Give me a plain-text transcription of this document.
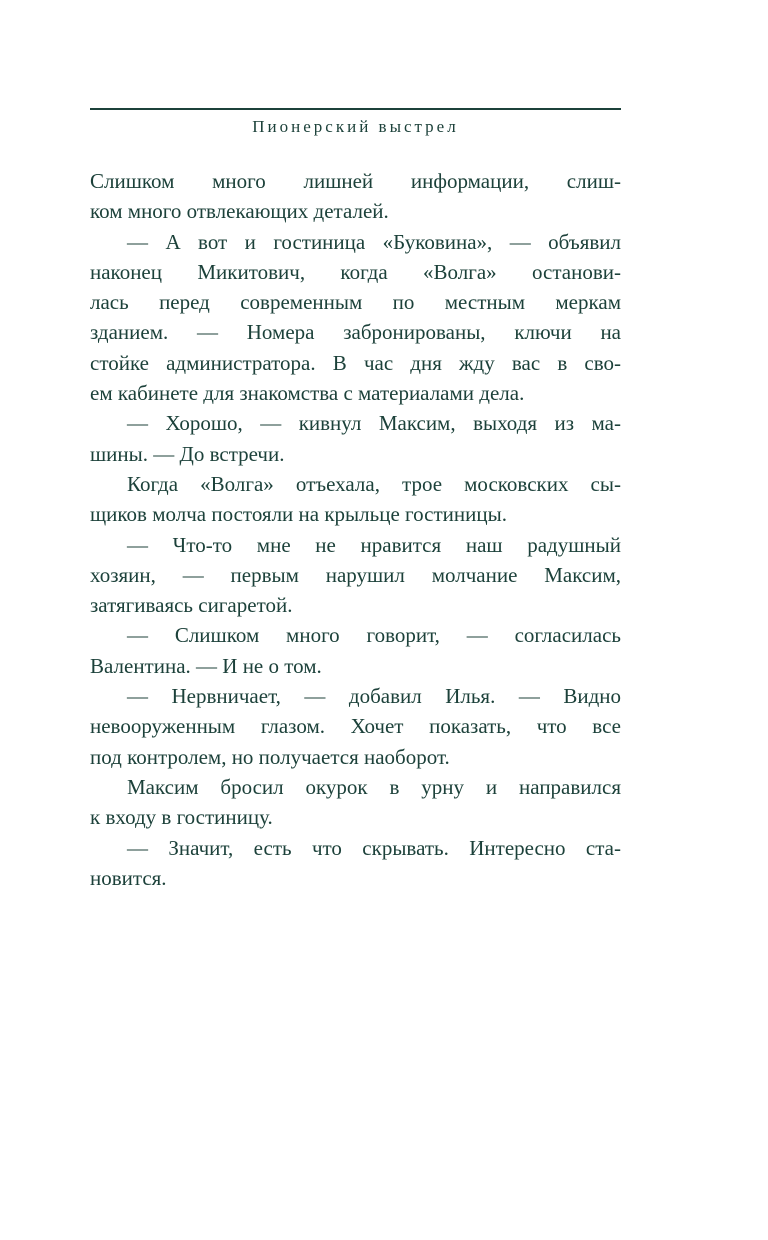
Пионерский выстрел
Слишком много лишней информации, слиш-
ком много отвлекающих деталей.
— А вот и гостиница «Буковина», — объявил
наконец Микитович, когда «Волга» останови-
лась перед современным по местным меркам
зданием. — Номера забронированы, ключи на
стойке администратора. В час дня жду вас в сво-
ем кабинете для знакомства с материалами дела.
— Хорошо, — кивнул Максим, выходя из ма-
шины. — До встречи.
Когда «Волга» отъехала, трое московских сы-
щиков молча постояли на крыльце гостиницы.
— Что-то мне не нравится наш радушный
хозяин, — первым нарушил молчание Максим,
затягиваясь сигаретой.
— Слишком много говорит, — согласилась
Валентина. — И не о том.
— Нервничает, — добавил Илья. — Видно
невооруженным глазом. Хочет показать, что все
под контролем, но получается наоборот.
Максим бросил окурок в урну и направился
к входу в гостиницу.
— Значит, есть что скрывать. Интересно ста-
новится.
